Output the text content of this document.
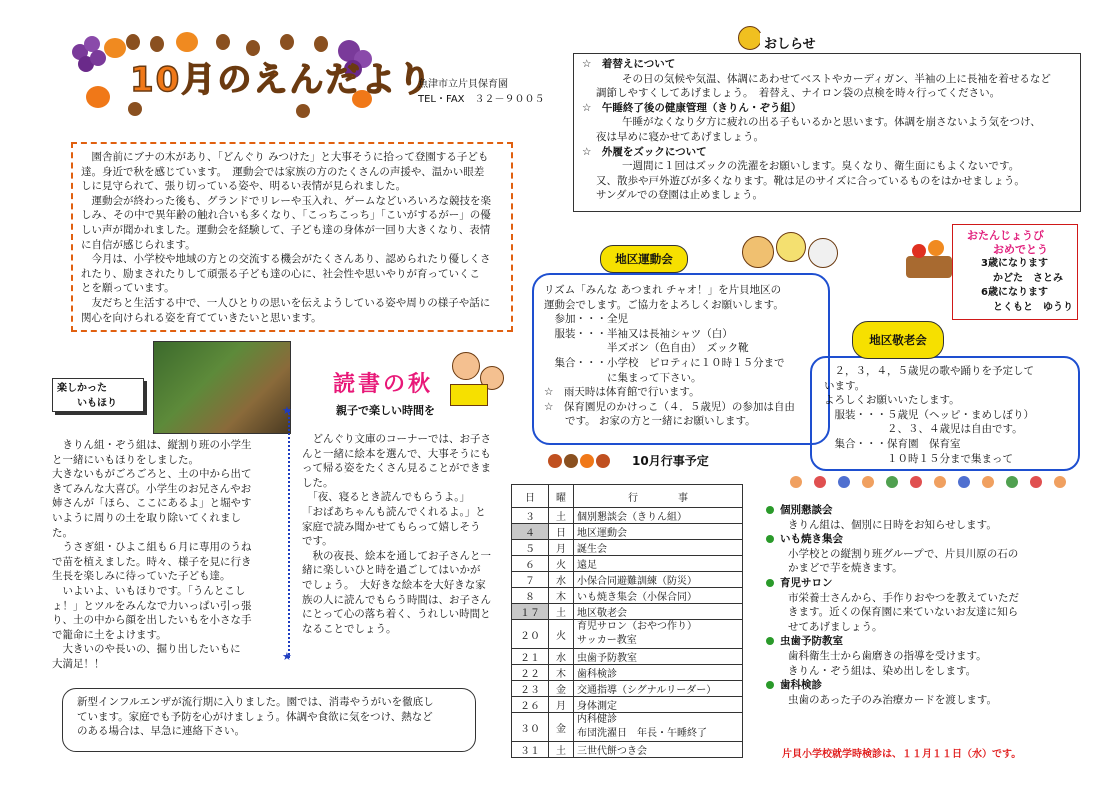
10月のえんだより
魚津市立片貝保育園
TEL・FAX　３２－９００５
　園舎前にブナの木があり、「どんぐり みつけた」と大事そうに拾って登園する子ども
達。身近で秋を感じています。　運動会では家族の方のたくさんの声援や、温かい眼差
しに見守られて、張り切っている姿や、明るい表情が見られました。
　運動会が終わった後も、グランドでリレーや玉入れ、ゲームなどいろいろな競技を楽
しみ、その中で異年齢の触れ合いも多くなり、「こっちこっち」「こいがするがー」の優
しい声が聞かれました。運動会を経験して、子ども達の身体が一回り大きくなり、表情
に自信が感じられます。
　今月は、小学校や地域の方との交流する機会がたくさんあり、認められたり優しくさ
れたり、励まされたりして頑張る子ども達の心に、社会性や思いやりが育っていくこ
とを願っています。
　友だちと生活する中で、一人ひとりの思いを伝えようしている姿や周りの様子や話に
関心を向けられる姿を育てていきたいと思います。
☆　 着替えについて
その日の気候や気温、体調にあわせてベストやカーディガン、半袖の上に長袖を着せるなど
調節しやすくしてあげましょう。　着替え、ナイロン袋の点検を時々行ってください。
☆　 午睡終了後の健康管理（きりん・ぞう組）
午睡がなくなり夕方に疲れの出る子もいるかと思います。体調を崩さないよう気をつけ、
夜は早めに寝かせてあげましょう。
☆　 外履をズックについて
一週間に１回はズックの洗濯をお願いします。臭くなり、衛生面にもよくないです。
又、散歩や戸外遊びが多くなります。靴は足のサイズに合っているものをはかせましょう。
サンダルでの登園は止めましょう。
おしらせ
おたんじょうび
おめでとう
3歳になります
かどた　さとみ
6歳になります
とくもと　ゆうり
地区運動会
リズム「みんな あつまれ チャオ！」を片貝地区の
運動会でします。ご協力をよろしくお願いします。
　参加・・・全児
　服装・・・半袖又は長袖シャツ（白）
　　　　　　半ズボン（色自由）　ズック靴
　集合・・・小学校　ピロティに１０時１５分まで
　　　　　　に集まって下さい。
☆　雨天時は体育館で行います。
☆　保育園児のかけっこ（４．５歳児）の参加は自由
　　です。 お家の方と一緒にお願いします。
　２，３，４，５歳児の歌や踊りを予定して
います。
よろしくお願いいたします。
　服装・・・５歳児（ヘッピ・まめしぼり）
　　　　　　２、３、４歳児は自由です。
　集合・・・保育園　保育室
　　　　　　１０時１５分まで集まって
地区敬老会
楽しかった
いもほり
　きりん組・ぞう組は、縦割り班の小学生
と一緒にいもほりをしました。
大きないもがごろごろと、土の中から出て
きてみんな大喜び。小学生のお兄さんやお
姉さんが「ほら、ここにあるよ」と堀やす
いように周りの土を取り除いてくれまし
た。
　うさぎ組・ひよこ組も６月に専用のうね
で苗を植えました。時々、様子を見に行き
生長を楽しみに待っていた子ども達。
　いよいよ、いもほりです。「うんとこし
ょ！」とツルをみんなで力いっぱい引っ張
り、土の中から顔を出したいもを小さな手
で籠命に土をよけます。
　大きいのや長いの、掘り出したいもに
大満足！！
★
★
読書の秋
親子で楽しい時間を
　どんぐり文庫のコーナーでは、お子さ
んと一緒に絵本を選んで、大事そうにも
って帰る姿をたくさん見ることができま
した。
　「夜、寝るとき読んでもらうよ。」
「おばあちゃんも読んでくれるよ。」と
家庭で読み聞かせてもらって嬉しそう
です。
　秋の夜長、絵本を通してお子さんと一
緒に楽しいひと時を過ごしてはいかが
でしょう。　大好きな絵本を大好きな家
族の人に読んでもらう時間は、お子さん
にとって心の落ち着く、うれしい時間と
なることでしょう。
10月行事予定
日	曜	行　　　　事
３	土	個別懇談会（きりん組）
４	日	地区運動会
５	月	誕生会
６	火	遠足
７	水	小保合同避難訓練（防災）
８	木	いも焼き集会（小保合同）
１７	土	地区敬老会
２０	火	育児サロン（おやつ作り）
サッカー教室

２１	水	虫歯予防教室
２２	木	歯科検診
２３	金	交通指導（シグナルリーダー）
２６	月	身体測定
３０	金	内科健診
布団洗濯日　年長・午睡終了

３１	土	三世代餅つき会
個別懇談会
きりん組は、個別に日時をお知らせします。
いも焼き集会
小学校との縦割り班グループで、片貝川原の石の
かまどで芋を焼きます。
育児サロン
市栄養士さんから、手作りおやつを教えていただ
きます。近くの保育園に来ていないお友達に知ら
せてあげましょう。
虫歯予防教室
歯科衛生士から歯磨きの指導を受けます。
きりん・ぞう組は、染め出しをします。
歯科検診
虫歯のあった子のみ治療カードを渡します。
片貝小学校就学時検診は、１１月１１日（水）です。
新型インフルエンザが流行期に入りました。園では、消毒やうがいを徹底し
ています。家庭でも予防を心がけましょう。体調や食欲に気をつけ、熱など
のある場合は、早急に連絡下さい。
